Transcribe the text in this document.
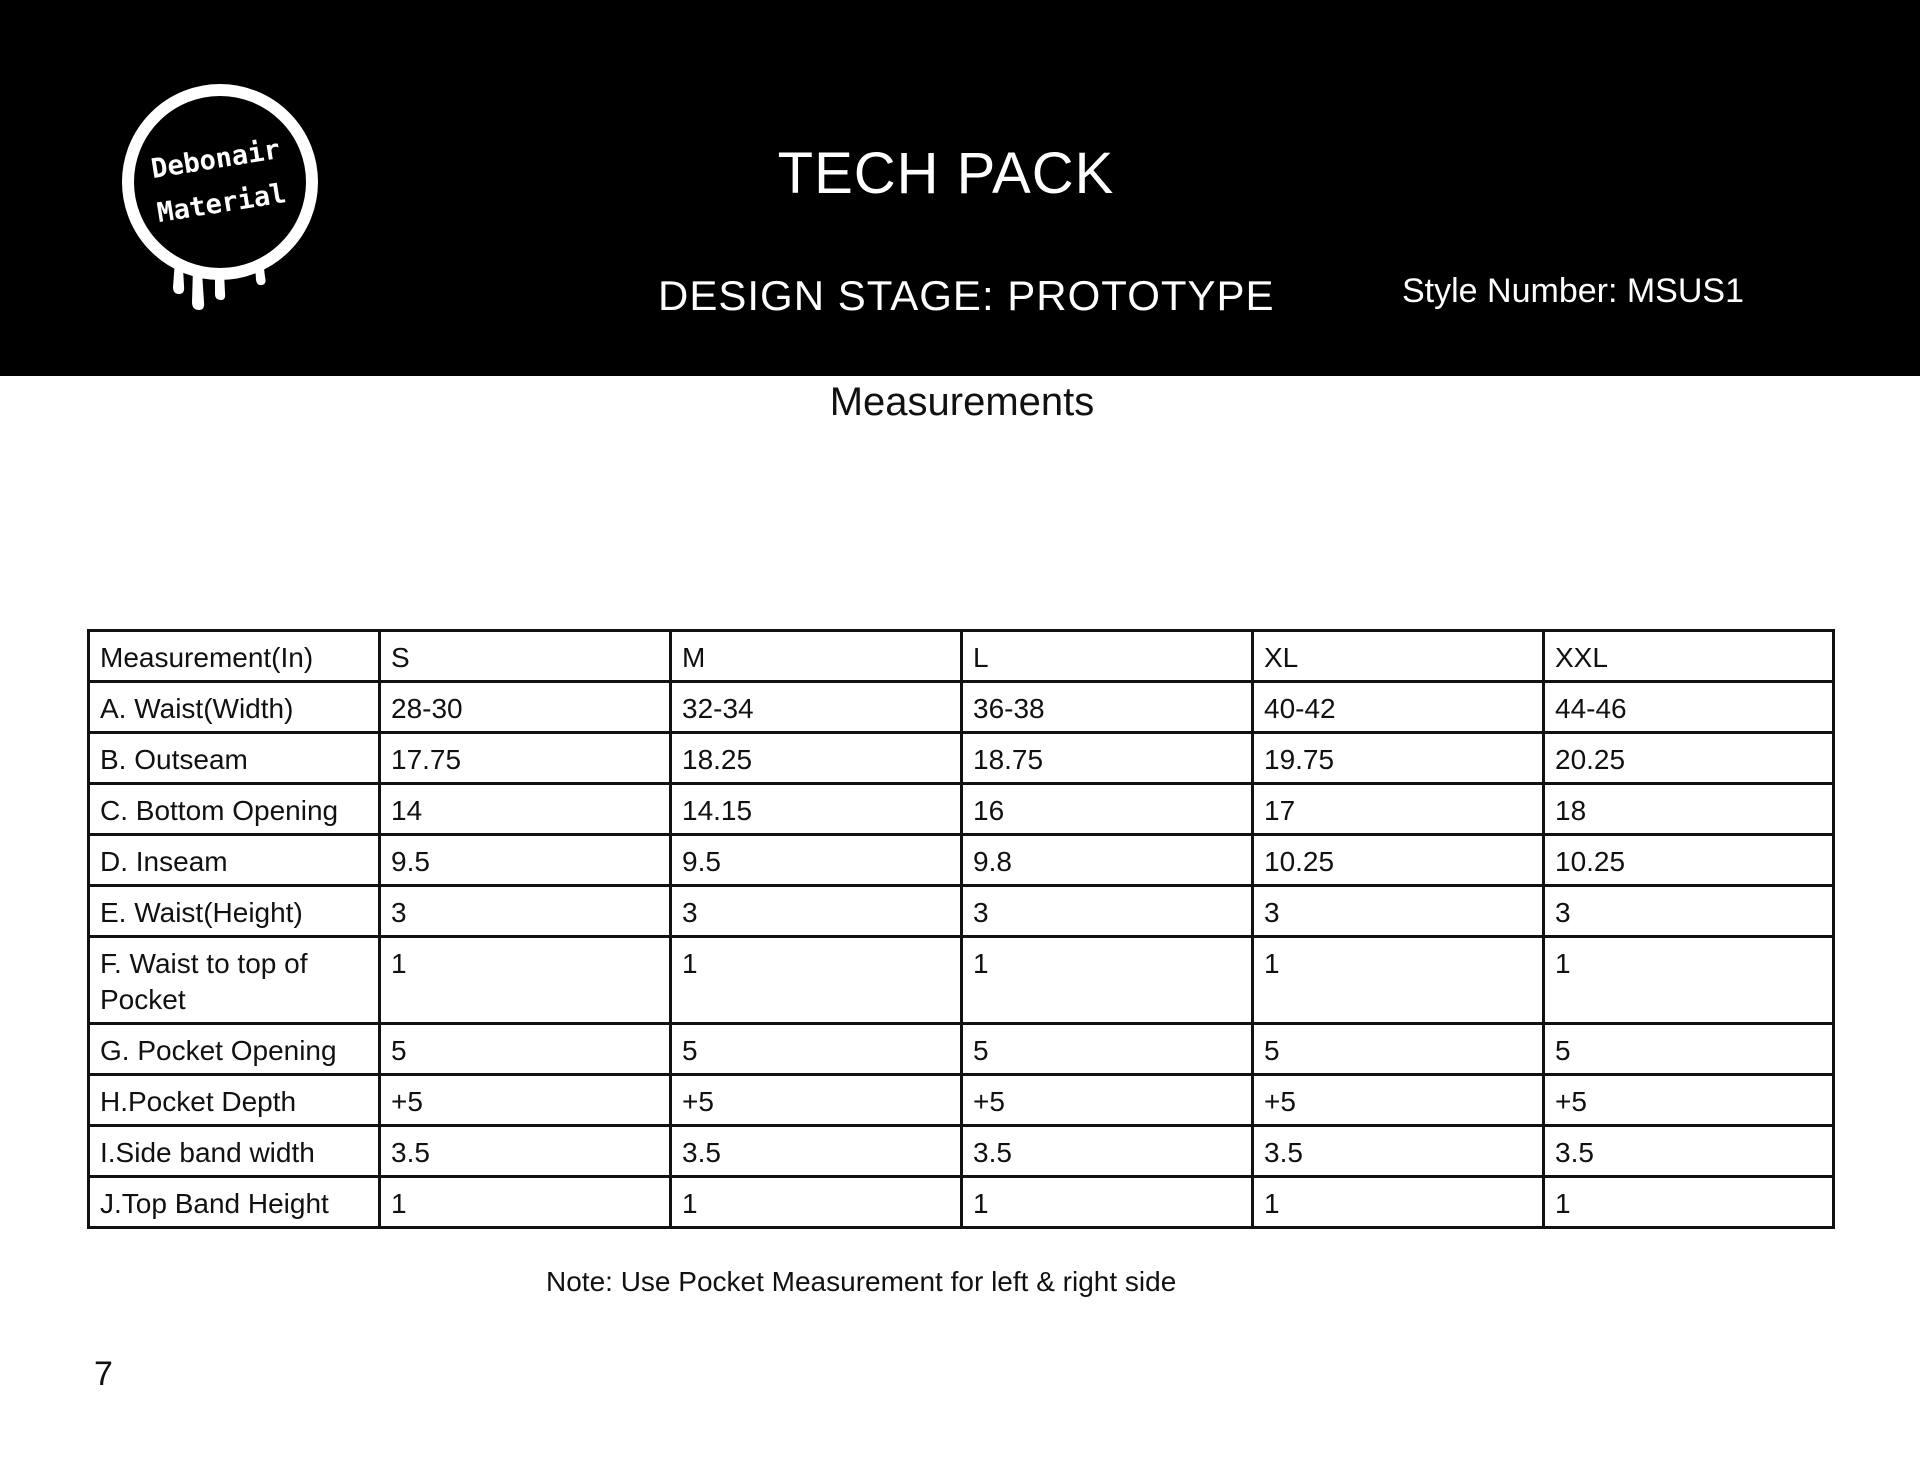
Debonair
Material	TECH PACK
DESIGN STAGE: PROTOTYPE	Style Number: MSUS1
Measurements
Measurement(In)	S	M	L	XL	XXL
A. Waist(Width)	28-30	32-34	36-38	40-42	44-46
B. Outseam	17.75	18.25	18.75	19.75	20.25
C. Bottom Opening	14	14.15	16	17	18
D. Inseam	9.5	9.5	9.8	10.25	10.25
E. Waist(Height)	3	3	3	3	3
F. Waist to top of Pocket	1	1	1	1	1
G. Pocket Opening	5	5	5	5	5
H.Pocket Depth	+5	+5	+5	+5	+5
I.Side band width	3.5	3.5	3.5	3.5	3.5
J.Top Band Height	1	1	1	1	1
Note: Use Pocket Measurement for left & right side
7
